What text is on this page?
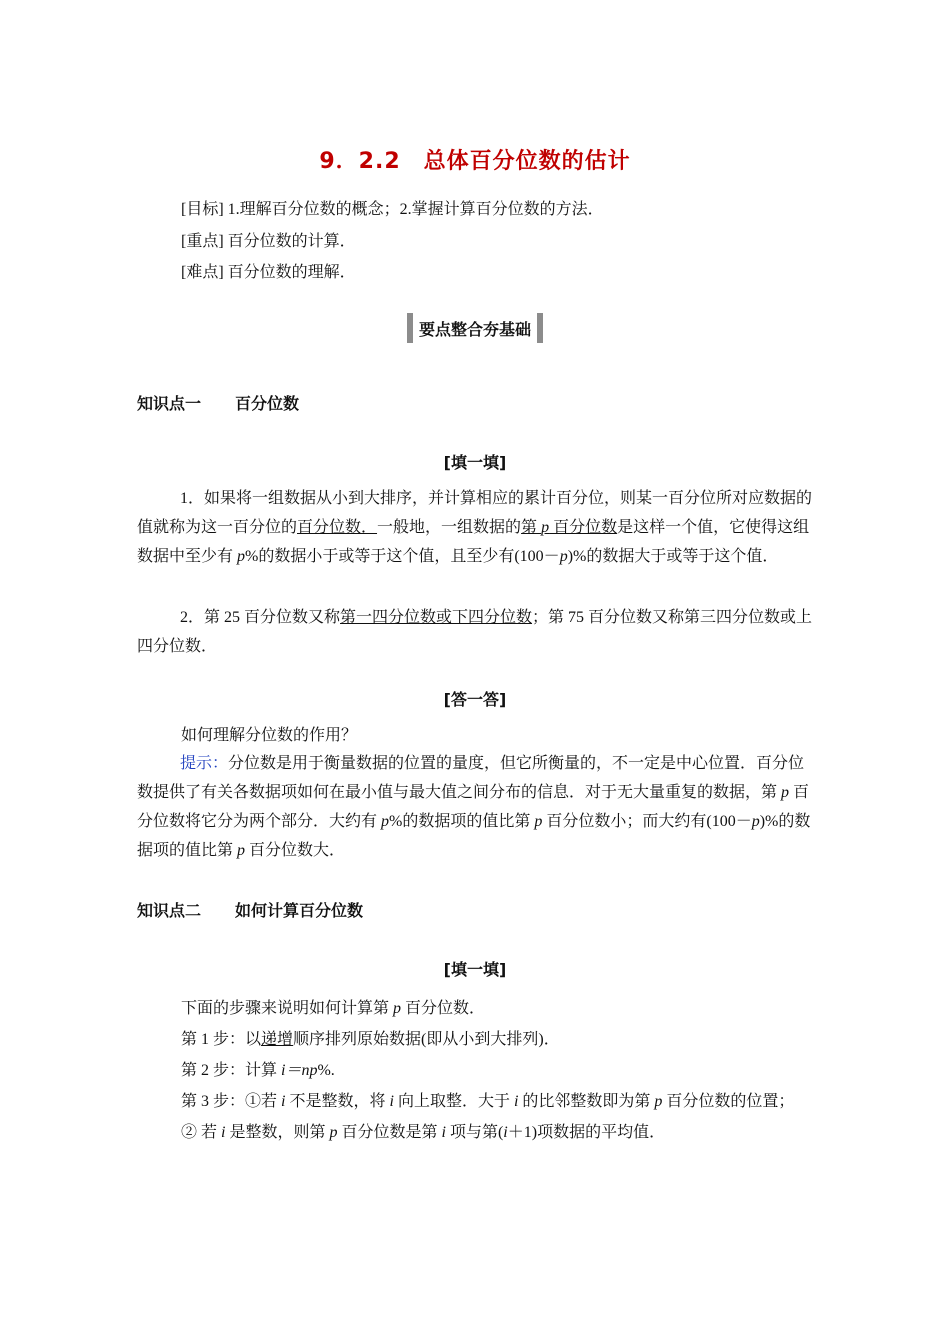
9．2.2　总体百分位数的估计
[目标] 1.理解百分位数的概念；2.掌握计算百分位数的方法．
[重点] 百分位数的计算．
[难点] 百分位数的理解．
要点整合夯基础
知识点一 百分位数
[填一填]
1．如果将一组数据从小到大排序，并计算相应的累计百分位，则某一百分位所对应数据的值就称为这一百分位的百分位数．一般地，一组数据的第 p 百分位数是这样一个值，它使得这组数据中至少有 p%的数据小于或等于这个值，且至少有(100－p)%的数据大于或等于这个值．
2．第 25 百分位数又称第一四分位数或下四分位数；第 75 百分位数又称第三四分位数或上四分位数．
[答一答]
如何理解分位数的作用？
提示：分位数是用于衡量数据的位置的量度，但它所衡量的，不一定是中心位置．百分位数提供了有关各数据项如何在最小值与最大值之间分布的信息．对于无大量重复的数据，第 p 百分位数将它分为两个部分．大约有 p%的数据项的值比第 p 百分位数小；而大约有(100－p)%的数据项的值比第 p 百分位数大．
知识点二 如何计算百分位数
[填一填]
下面的步骤来说明如何计算第 p 百分位数．
第 1 步：以递增顺序排列原始数据(即从小到大排列)．
第 2 步：计算 i＝np%.
第 3 步：①若 i 不是整数，将 i 向上取整．大于 i 的比邻整数即为第 p 百分位数的位置；
② 若 i 是整数，则第 p 百分位数是第 i 项与第(i＋1)项数据的平均值．
